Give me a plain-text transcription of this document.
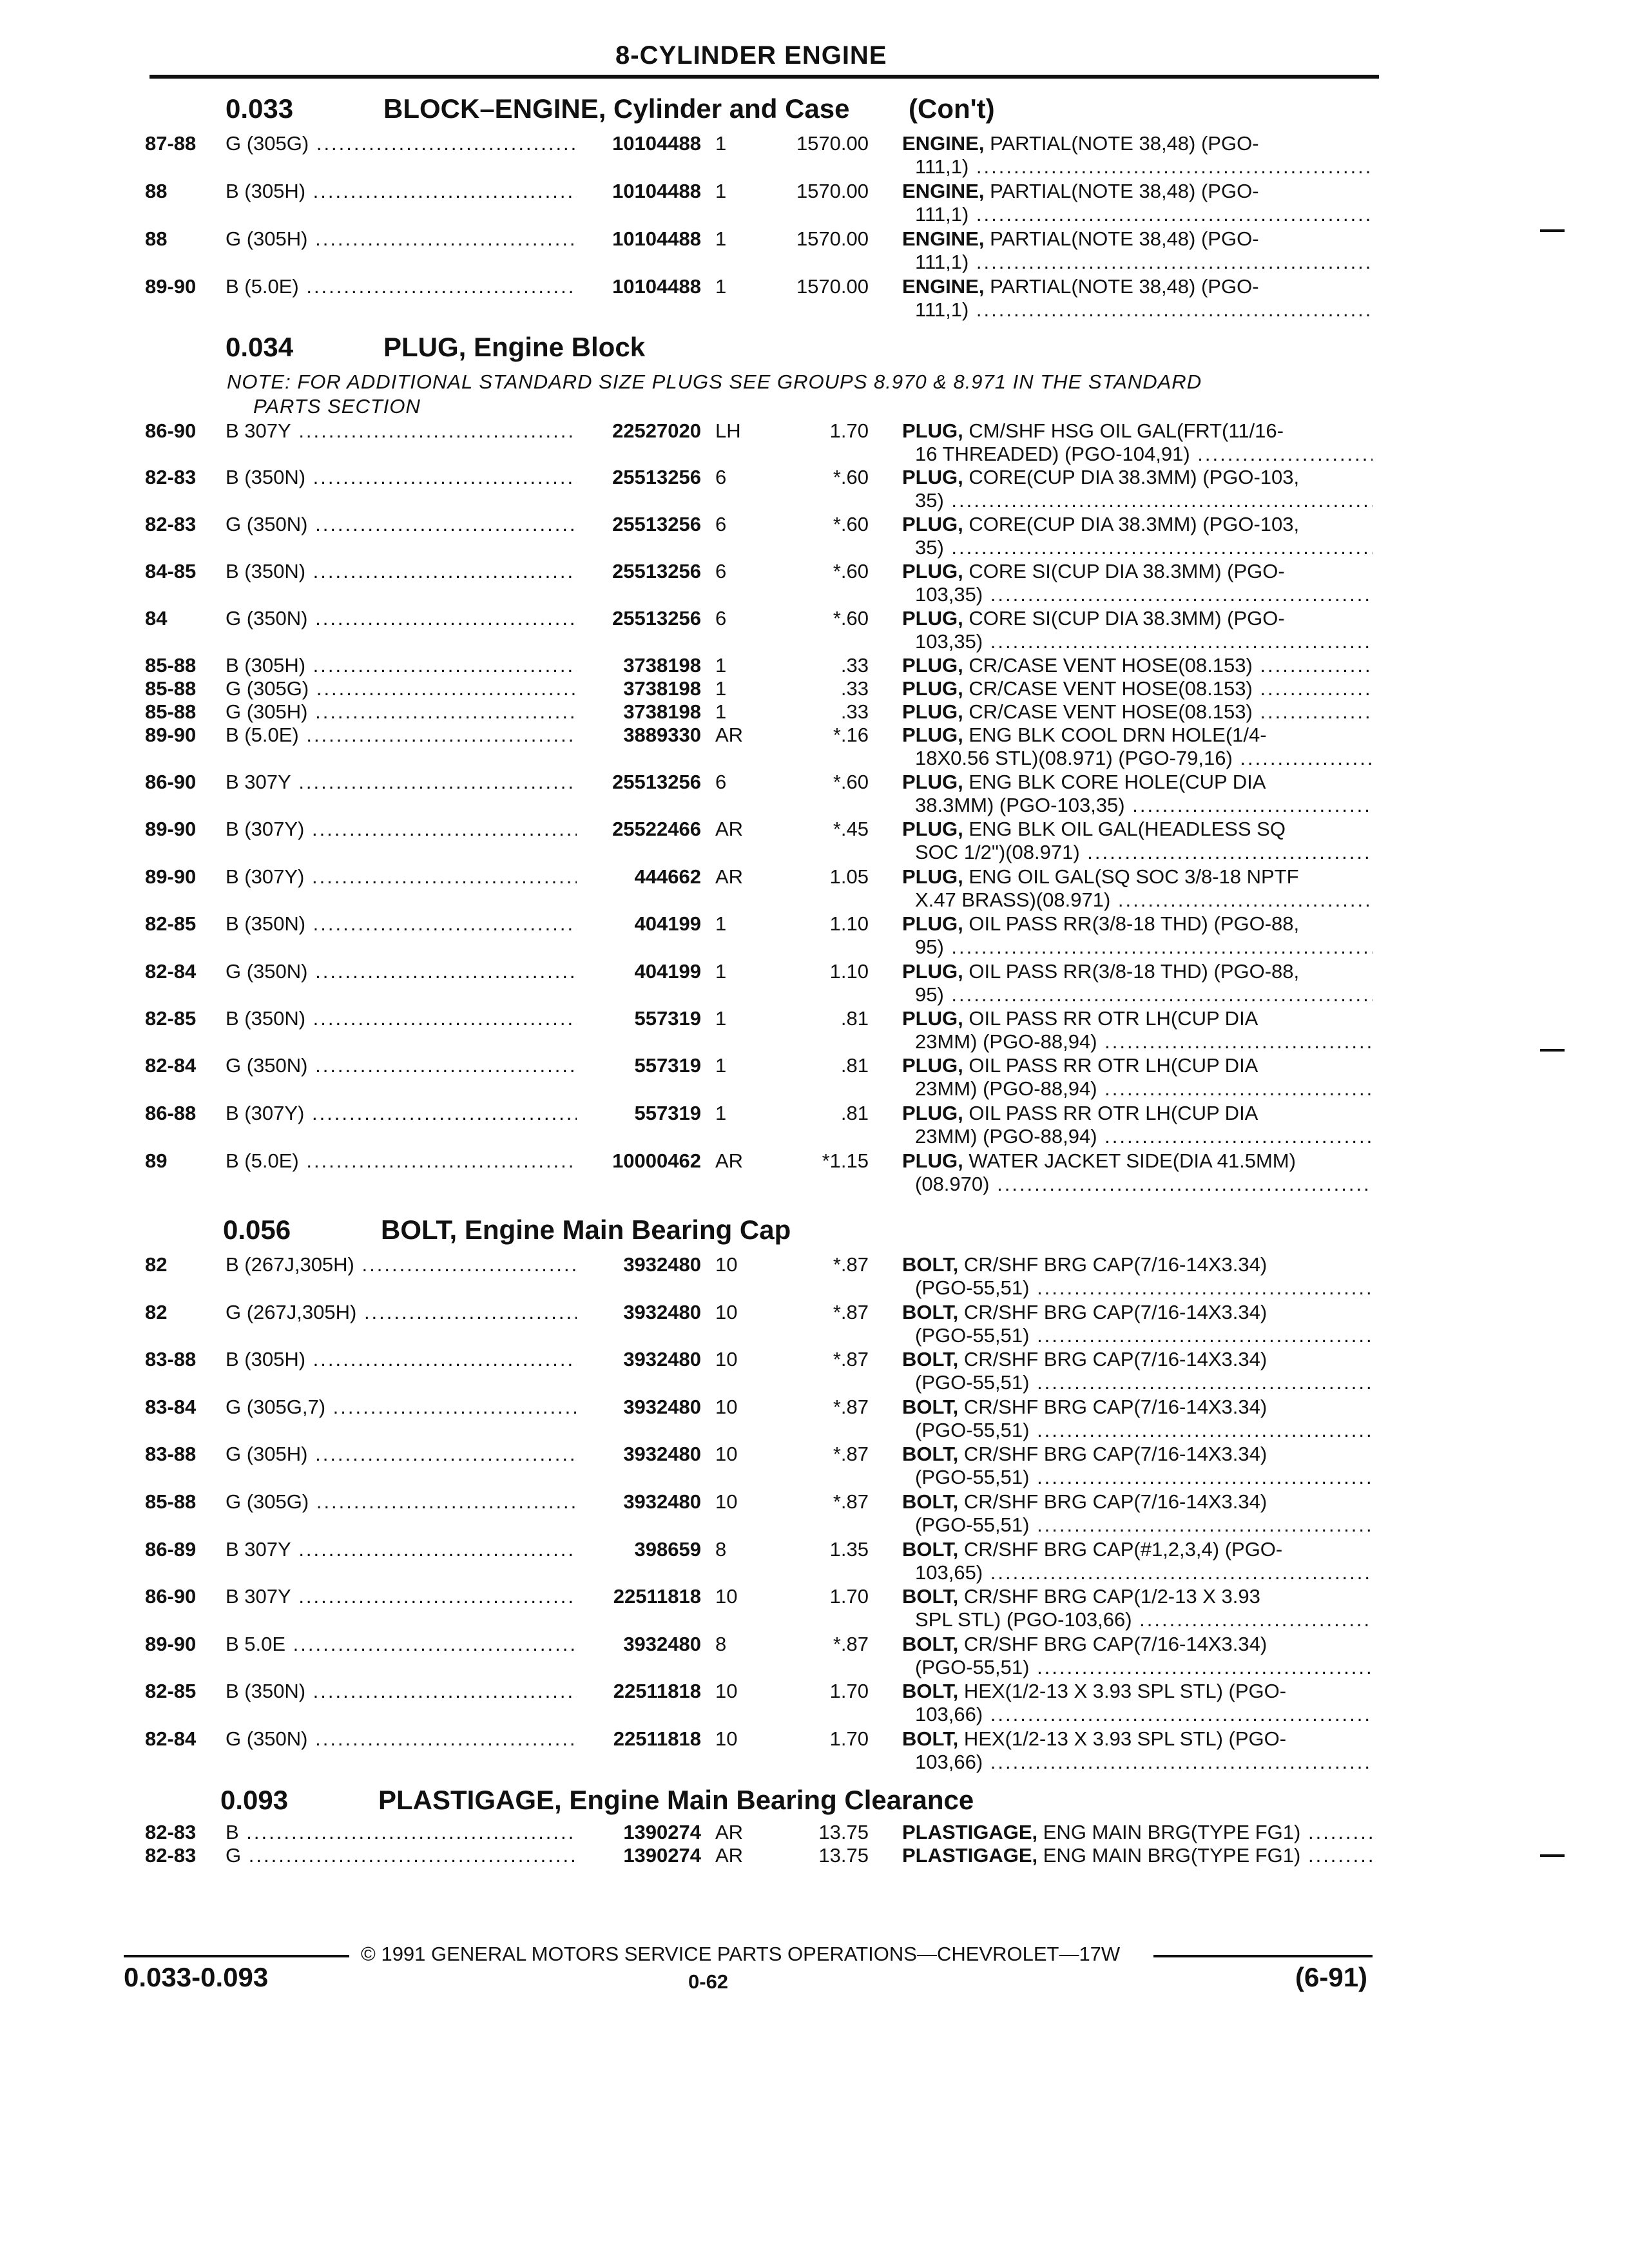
8-CYLINDER ENGINE
0.033	BLOCK–ENGINE, Cylinder and Case (Con't)
87-88 G (305G) .....	10104488 1	1570.00 ENGINE, PARTIAL(NOTE 38,48) (PGO-
111,1) .....
88	B (305H) .....	10104488 1	1570.00 ENGINE, PARTIAL(NOTE 38,48) (PGO-
111,1) .....
88	G (305H) .....	10104488 1	1570.00 ENGINE, PARTIAL(NOTE 38,48) (PGO-
111,1) .....
89-90 B (5.0E) .....	10104488 1	1570.00 ENGINE, PARTIAL(NOTE 38,48) (PGO-
111,1) .....
0.034	PLUG, Engine Block
NOTE: FOR ADDITIONAL STANDARD SIZE PLUGS SEE GROUPS 8.970 & 8.971 IN THE STANDARD
PARTS SECTION
86-90 B 307Y .....	22527020 LH	1.70 PLUG, CM/SHF HSG OIL GAL(FRT(11/16-
16 THREADED) (PGO-104,91) .....
82-83 B (350N) .....	25513256 6	*.60 PLUG, CORE(CUP DIA 38.3MM) (PGO-103,
35) .....
82-83 G (350N) .....	25513256 6	*.60 PLUG, CORE(CUP DIA 38.3MM) (PGO-103,
35) .....
84-85 B (350N) .....	25513256 6	*.60 PLUG, CORE SI(CUP DIA 38.3MM) (PGO-
103,35) .....
84	G (350N) .....	25513256 6	*.60 PLUG, CORE SI(CUP DIA 38.3MM) (PGO-
103,35) .....
85-88 B (305H) .....	3738198 1	.33 PLUG, CR/CASE VENT HOSE(08.153) .....
85-88 G (305G) .....	3738198 1	.33 PLUG, CR/CASE VENT HOSE(08.153) .....
85-88 G (305H) .....	3738198 1	.33 PLUG, CR/CASE VENT HOSE(08.153) .....
89-90 B (5.0E) .....	3889330 AR	*.16 PLUG, ENG BLK COOL DRN HOLE(1/4-
18X0.56 STL)(08.971) (PGO-79,16) .....
86-90 B 307Y .....	25513256 6	*.60 PLUG, ENG BLK CORE HOLE(CUP DIA
38.3MM) (PGO-103,35) .....
89-90 B (307Y) .....	25522466 AR	*.45 PLUG, ENG BLK OIL GAL(HEADLESS SQ
SOC 1/2")(08.971) .....
89-90 B (307Y) .....	444662 AR	1.05 PLUG, ENG OIL GAL(SQ SOC 3/8-18 NPTF
X.47 BRASS)(08.971) .....
82-85 B (350N) .....	404199 1	1.10 PLUG, OIL PASS RR(3/8-18 THD) (PGO-88,
95) .....
82-84 G (350N) .....	404199 1	1.10 PLUG, OIL PASS RR(3/8-18 THD) (PGO-88,
95) .....
82-85 B (350N) .....	557319 1	.81 PLUG, OIL PASS RR OTR LH(CUP DIA
23MM) (PGO-88,94) .....
82-84 G (350N) .....	557319 1	.81 PLUG, OIL PASS RR OTR LH(CUP DIA
23MM) (PGO-88,94) .....
86-88 B (307Y) .....	557319 1	.81 PLUG, OIL PASS RR OTR LH(CUP DIA
23MM) (PGO-88,94) .....
89	B (5.0E) .....	10000462 AR	*1.15 PLUG, WATER JACKET SIDE(DIA 41.5MM)
(08.970) .....
0.056	BOLT, Engine Main Bearing Cap
82	B (267J,305H) .....	3932480 10	*.87 BOLT, CR/SHF BRG CAP(7/16-14X3.34)
(PGO-55,51) .....
82	G (267J,305H) .....	3932480 10	*.87 BOLT, CR/SHF BRG CAP(7/16-14X3.34)
(PGO-55,51) .....
83-88 B (305H) .....	3932480 10	*.87 BOLT, CR/SHF BRG CAP(7/16-14X3.34)
(PGO-55,51) .....
83-84 G (305G,7) .....	3932480 10	*.87 BOLT, CR/SHF BRG CAP(7/16-14X3.34)
(PGO-55,51) .....
83-88 G (305H) .....	3932480 10	*.87 BOLT, CR/SHF BRG CAP(7/16-14X3.34)
(PGO-55,51) .....
85-88 G (305G) .....	3932480 10	*.87 BOLT, CR/SHF BRG CAP(7/16-14X3.34)
(PGO-55,51) .....
86-89 B 307Y .....	398659 8	1.35 BOLT, CR/SHF BRG CAP(#1,2,3,4) (PGO-
103,65) .....
86-90 B 307Y .....	22511818 10	1.70 BOLT, CR/SHF BRG CAP(1/2-13 X 3.93
SPL STL) (PGO-103,66) .....
89-90 B 5.0E .....	3932480 8	*.87 BOLT, CR/SHF BRG CAP(7/16-14X3.34)
(PGO-55,51) .....
82-85 B (350N) .....	22511818 10	1.70 BOLT, HEX(1/2-13 X 3.93 SPL STL) (PGO-
103,66) .....
82-84 G (350N) .....	22511818 10	1.70 BOLT, HEX(1/2-13 X 3.93 SPL STL) (PGO-
103,66) .....
0.093	PLASTIGAGE, Engine Main Bearing Clearance
82-83 B .....	1390274 AR	13.75 PLASTIGAGE, ENG MAIN BRG(TYPE FG1) .....
82-83 G .....	1390274 AR	13.75 PLASTIGAGE, ENG MAIN BRG(TYPE FG1) .....
© 1991 GENERAL MOTORS SERVICE PARTS OPERATIONS—CHEVROLET—17W
0.033-0.093	0-62	(6-91)
